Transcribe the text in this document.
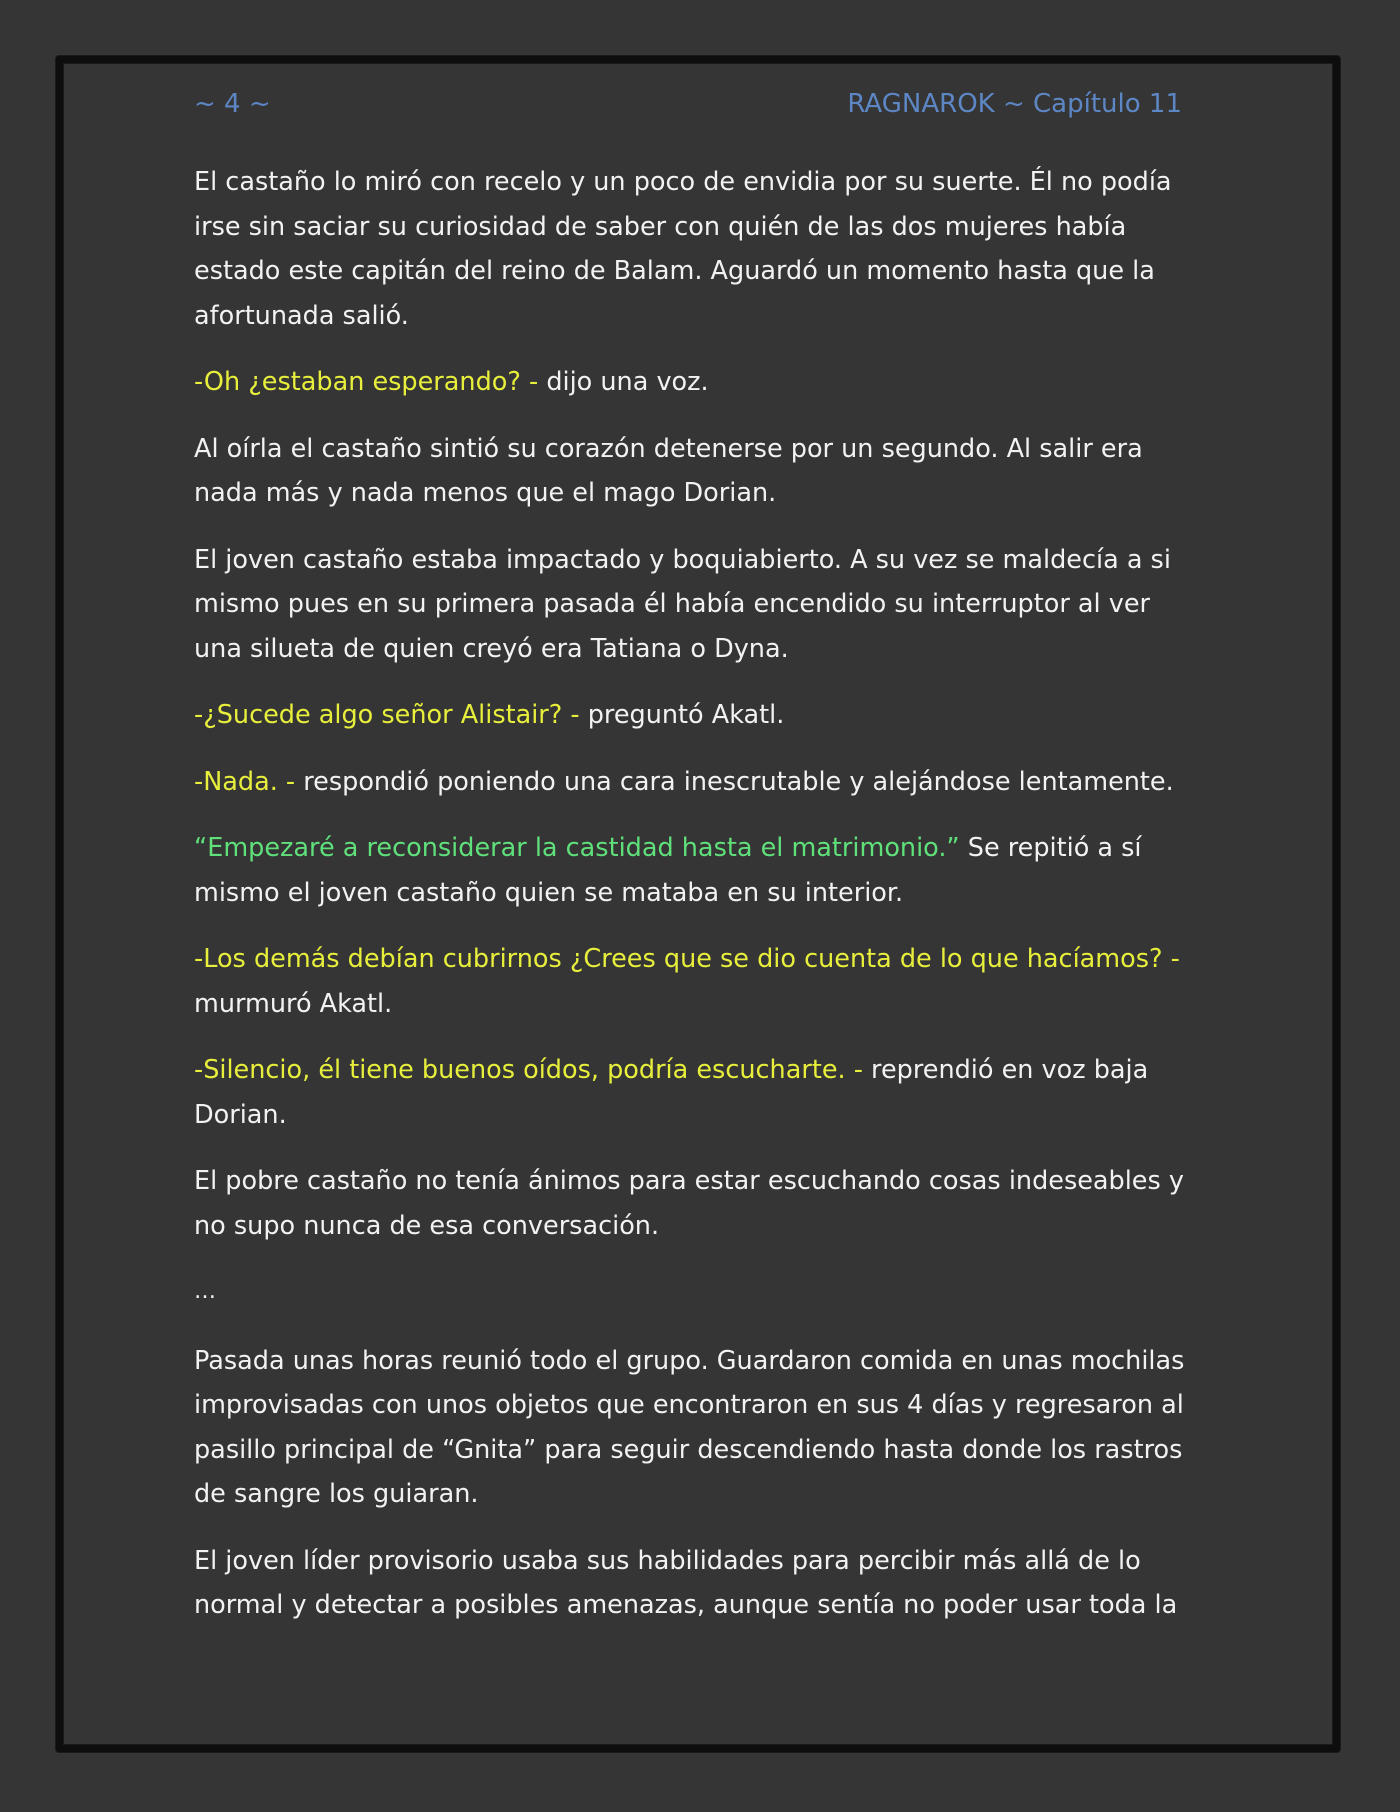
~ 4 ~	RAGNAROK ~ Capítulo 11

El castaño lo miró con recelo y un poco de envidia por su suerte. Él no podía irse sin saciar su curiosidad de saber con quién de las dos mujeres había estado este capitán del reino de Balam. Aguardó un momento hasta que la afortunada salió.

-Oh ¿estaban esperando? - dijo una voz.

Al oírla el castaño sintió su corazón detenerse por un segundo. Al salir era nada más y nada menos que el mago Dorian.

El joven castaño estaba impactado y boquiabierto. A su vez se maldecía a si mismo pues en su primera pasada él había encendido su interruptor al ver una silueta de quien creyó era Tatiana o Dyna.

-¿Sucede algo señor Alistair? - preguntó Akatl.

-Nada. - respondió poniendo una cara inescrutable y alejándose lentamente.

“Empezaré a reconsiderar la castidad hasta el matrimonio.” Se repitió a sí mismo el joven castaño quien se mataba en su interior.

-Los demás debían cubrirnos ¿Crees que se dio cuenta de lo que hacíamos? - murmuró Akatl.

-Silencio, él tiene buenos oídos, podría escucharte. - reprendió en voz baja Dorian.

El pobre castaño no tenía ánimos para estar escuchando cosas indeseables y no supo nunca de esa conversación.

…

Pasada unas horas reunió todo el grupo. Guardaron comida en unas mochilas improvisadas con unos objetos que encontraron en sus 4 días y regresaron al pasillo principal de “Gnita” para seguir descendiendo hasta donde los rastros de sangre los guiaran.

El joven líder provisorio usaba sus habilidades para percibir más allá de lo normal y detectar a posibles amenazas, aunque sentía no poder usar toda la
